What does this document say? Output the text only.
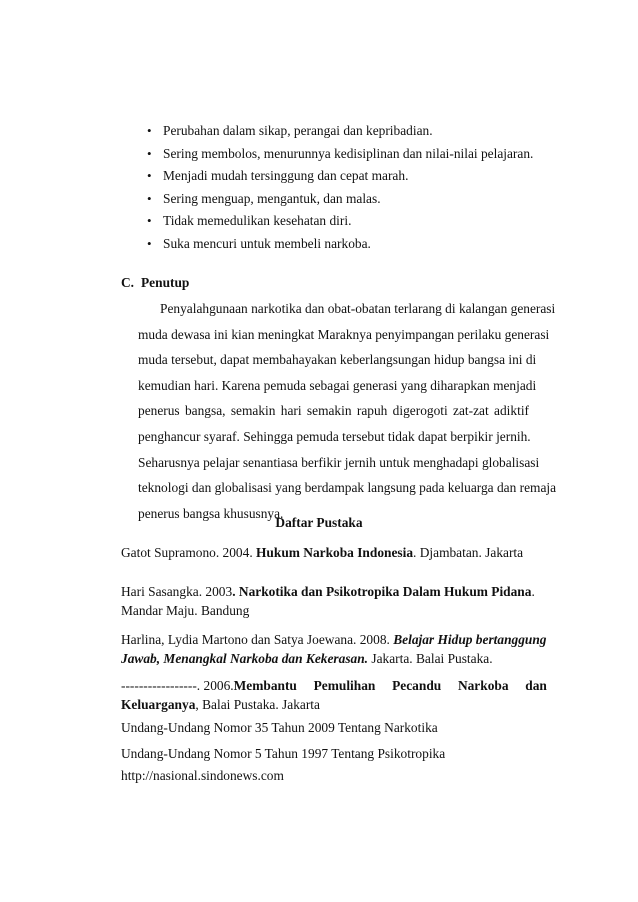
• Perubahan dalam sikap, perangai dan kepribadian.
• Sering membolos, menurunnya kedisiplinan dan nilai-nilai pelajaran.
• Menjadi mudah tersinggung dan cepat marah.
• Sering menguap, mengantuk, dan malas.
• Tidak memedulikan kesehatan diri.
• Suka mencuri untuk membeli narkoba.
C. Penutup
Penyalahgunaan narkotika dan obat-obatan terlarang di kalangan generasi
muda dewasa ini kian meningkat Maraknya penyimpangan perilaku generasi
muda tersebut, dapat membahayakan keberlangsungan hidup bangsa ini di
kemudian hari. Karena pemuda sebagai generasi yang diharapkan menjadi
penerus bangsa, semakin hari semakin rapuh digerogoti zat-zat adiktif
penghancur syaraf. Sehingga pemuda tersebut tidak dapat berpikir jernih.
Seharusnya pelajar senantiasa berfikir jernih untuk menghadapi globalisasi
teknologi dan globalisasi yang berdampak langsung pada keluarga dan remaja
penerus bangsa khususnya.
Daftar Pustaka
Gatot Supramono. 2004. Hukum Narkoba Indonesia. Djambatan. Jakarta
Hari Sasangka. 2003. Narkotika dan Psikotropika Dalam Hukum Pidana.
Mandar Maju. Bandung
Harlina, Lydia Martono dan Satya Joewana. 2008. Belajar Hidup bertanggung
Jawab, Menangkal Narkoba dan Kekerasan. Jakarta. Balai Pustaka.
-----------------. 2006. Membantu     Pemulihan     Pecandu     Narkoba     dan
Keluarganya, Balai Pustaka. Jakarta
Undang-Undang Nomor 35 Tahun 2009 Tentang Narkotika
Undang-Undang Nomor 5 Tahun 1997 Tentang Psikotropika
http://nasional.sindonews.com
